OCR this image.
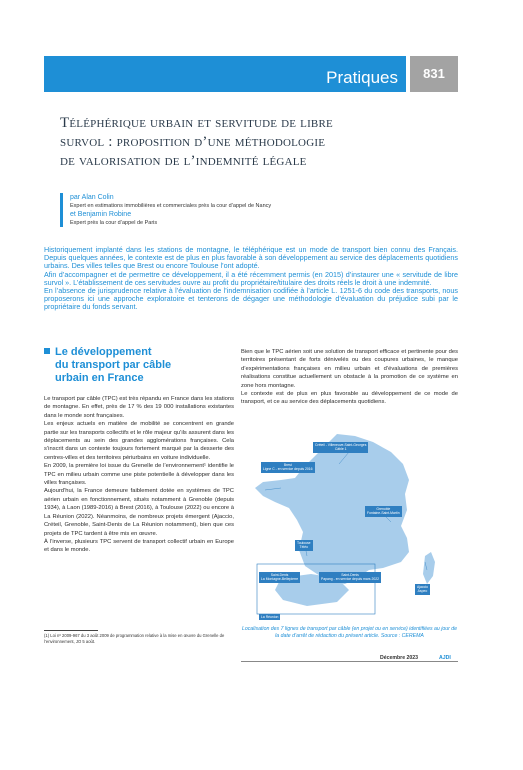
Pratiques	831
Téléphérique urbain et servitude de libre
survol : proposition d’une méthodologie
de valorisation de l’indemnité légale
par Alan Colin
Expert en estimations immobilières et commerciales près la cour d’appel de Nancy
et Benjamin Robine
Expert près la cour d’appel de Paris

Historiquement implanté dans les stations de montagne, le téléphérique est un mode de transport bien connu des Français. Depuis quelques années, le contexte est de plus en plus favorable à son développement au service des déplacements quotidiens urbains. Des villes telles que Brest ou encore Toulouse l’ont adopté.

Afin d’accompagner et de permettre ce développement, il a été récemment permis (en 2015) d’instaurer une « servitude de libre survol ». L’établissement de ces servitudes ouvre au profit du propriétaire/titulaire des droits réels le droit à une indemnité.

En l’absence de jurisprudence relative à l’évaluation de l’indemnisation codifiée à l’article L. 1251-6 du code des transports, nous proposerons ici une approche exploratoire et tenterons de dégager une méthodologie d’évaluation du préjudice subi par le propriétaire du fonds servant.

Le développement
du transport par câble
urbain en France

Le transport par câble (TPC) est très répandu en France dans les stations de montagne. En effet, près de 17 % des 19 000 installations existantes dans le monde sont françaises.

Les enjeux actuels en matière de mobilité se concentrent en grande partie sur les transports collectifs et le rôle majeur qu’ils assurent dans les déplacements au sein des grandes agglomérations françaises. Cela s’inscrit dans un contexte toujours fortement marqué par la desserte des centres-villes et des territoires périurbains en voiture individuelle.

En 2009, la première loi issue du Grenelle de l’environnement¹ identifie le TPC en milieu urbain comme une piste potentielle à développer dans les villes françaises.

Aujourd’hui, la France demeure faiblement dotée en systèmes de TPC aérien urbain en fonctionnement, situés notamment à Grenoble (depuis 1934), à Laon (1989-2016) à Brest (2016), à Toulouse (2022) ou encore à La Réunion (2022). Néanmoins, de nombreux projets émergent (Ajaccio, Créteil, Grenoble, Saint-Denis de La Réunion notamment), bien que ces projets de TPC tardent à être mis en œuvre.

À l’inverse, plusieurs TPC servent de transport collectif urbain en Europe et dans le monde.

Bien que le TPC aérien soit une solution de transport efficace et pertinente pour des territoires présentant de forts dénivelés ou des coupures urbaines, le manque d’expérimentations françaises en milieu urbain et d’évaluations de premières réalisations constitue actuellement un obstacle à la promotion de ce système en zone hors montagne.

Le contexte est de plus en plus favorable au développement de ce mode de transport, et ce au service des déplacements quotidiens.

(1) Loi nº 2009-967 du 3 août 2009 de programmation relative à la mise en œuvre du Grenelle de l’environnement, JO 5 août.
Créteil - Villeneuve-Saint-Georges
Câble 1
Brest
Ligne C - en service depuis 2016
Grenoble
Fontaine-Saint-Martin
Toulouse
Téléo
Saint-Denis
La Montagne-Bellepierre
Saint-Denis
Papang - en service depuis mars 2022
Ajaccio
Aspeo
La Réunion
Localisation des 7 lignes de transport par câble (en projet ou en service) identifiées au jour de la date d’arrêt de rédaction du présent article. Source : CEREMA
Décembre 2023	AJDI
